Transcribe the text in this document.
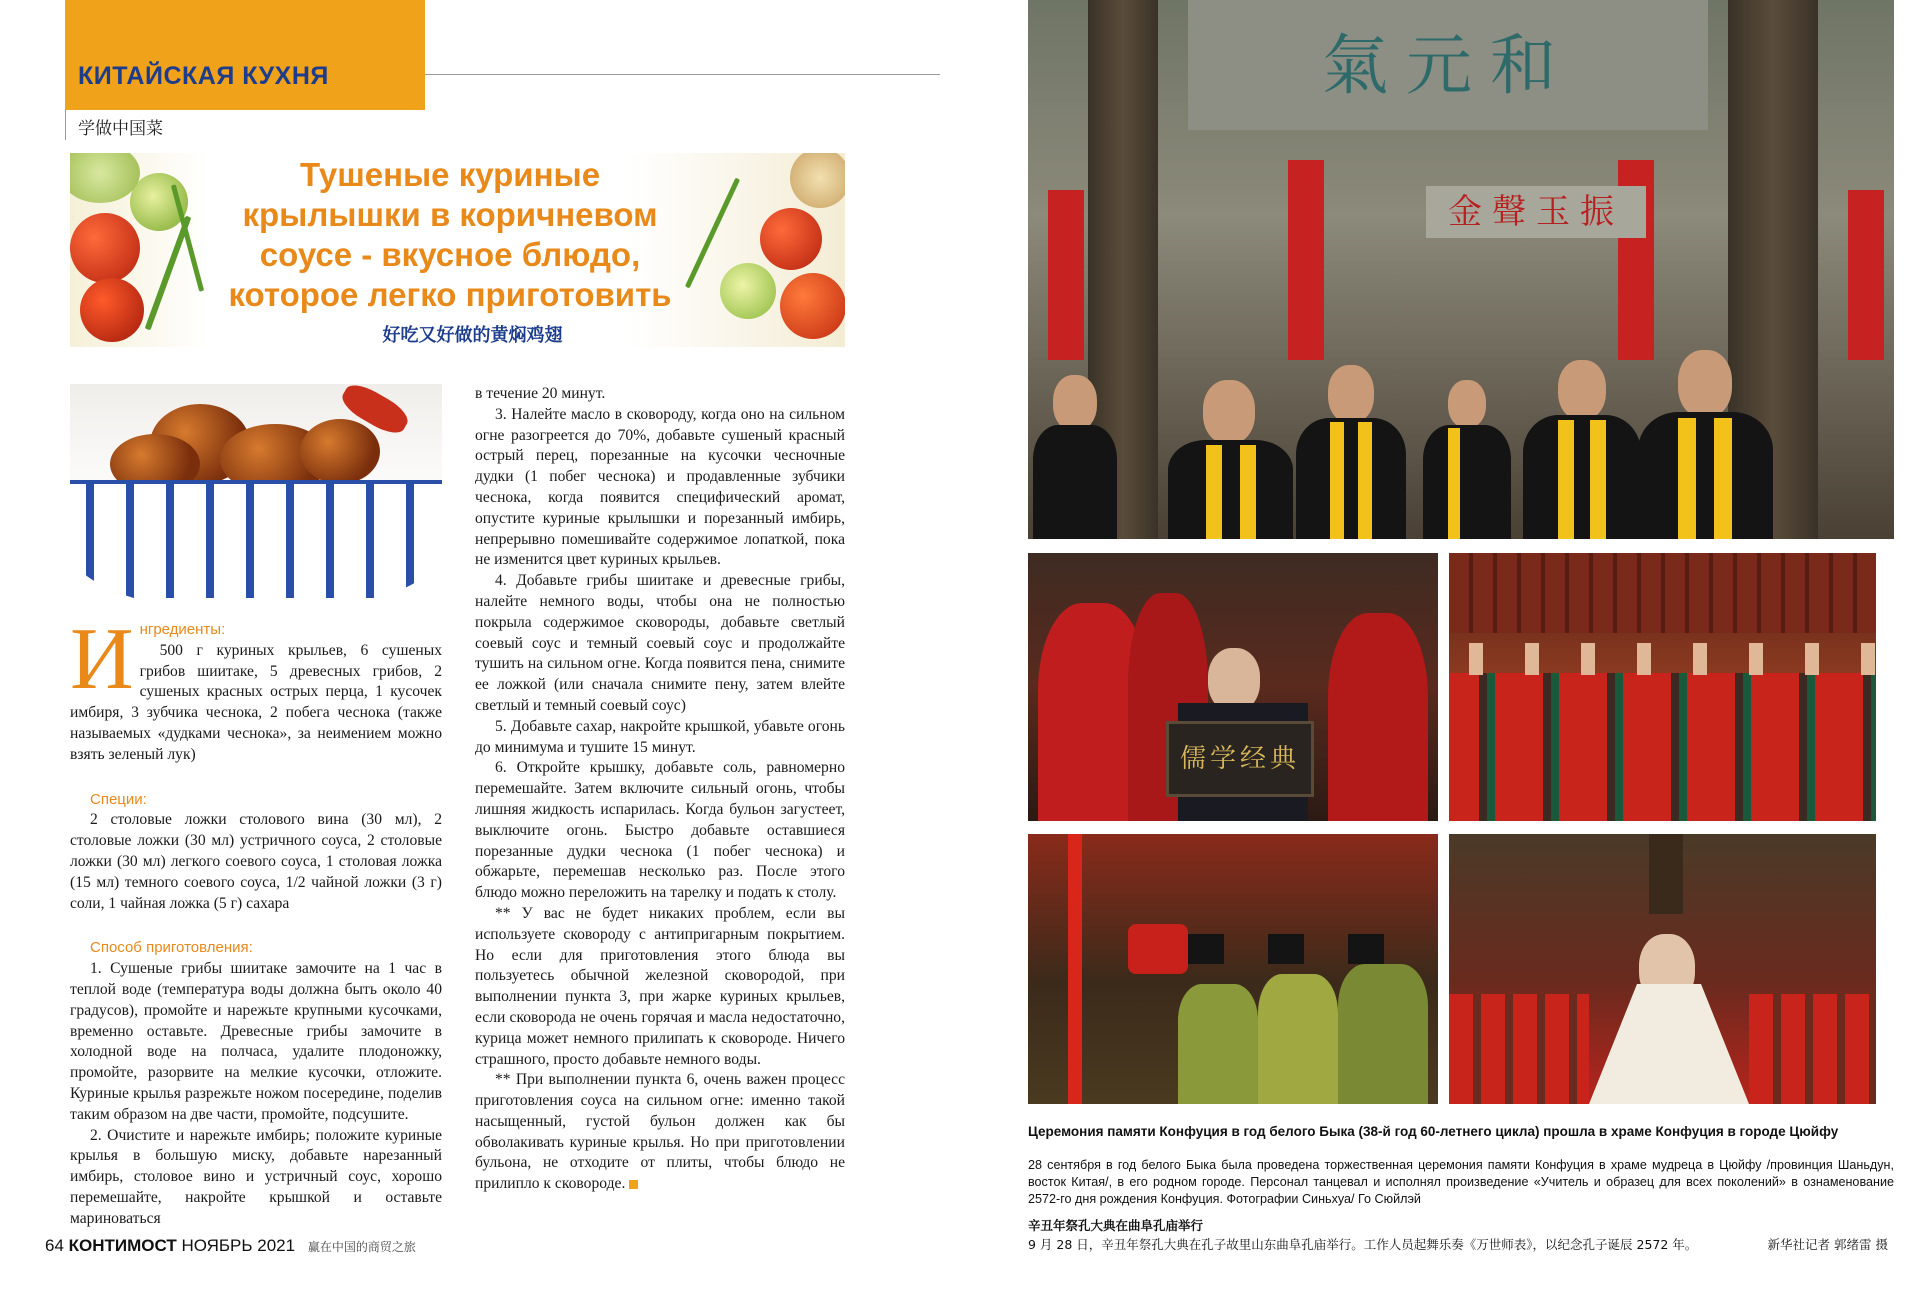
КИТАЙСКАЯ КУХНЯ
学做中国菜
Тушеные куриные
крылышки в коричневом
соусе - вкусное блюдо,
которое легко приготовить
好吃又好做的黄焖鸡翅
И нгредиенты:

500 г куриных крыльев, 6 сушеных грибов шиитаке, 5 древесных грибов, 2 сушеных красных острых перца, 1 кусочек имбиря, 3 зубчика чеснока, 2 побега чеснока (также называемых «дудками чеснока», за неимением можно взять зеленый лук)

Специи:

2 столовые ложки столового вина (30 мл), 2 столовые ложки (30 мл) устричного соуса, 2 столовые ложки (30 мл) легкого соевого соуса, 1 столовая ложка (15 мл) темного соевого соуса, 1/2 чайной ложки (3 г) соли, 1 чайная ложка (5 г) сахара

Способ приготовления:

1. Сушеные грибы шиитаке замочите на 1 час в теплой воде (температура воды должна быть около 40 градусов), промойте и нарежьте крупными кусочками, временно оставьте. Древесные грибы замочите в холодной воде на полчаса, удалите плодоножку, промойте, разорвите на мелкие кусочки, отложите. Куриные крылья разрежьте ножом посередине, поделив таким образом на две части, промойте, подсушите.

2. Очистите и нарежьте имбирь; положите куриные крылья в большую миску, добавьте нарезанный имбирь, столовое вино и устричный соус, хорошо перемешайте, накройте крышкой и оставьте мариноваться

в течение 20 минут.

3. Налейте масло в сковороду, когда оно на сильном огне разогреется до 70%, добавьте сушеный красный острый перец, порезанные на кусочки чесночные дудки (1 побег чеснока) и продавленные зубчики чеснока, когда появится специфический аромат, опустите куриные крылышки и порезанный имбирь, непрерывно помешивайте содержимое лопаткой, пока не изменится цвет куриных крыльев.

4. Добавьте грибы шиитаке и древесные грибы, налейте немного воды, чтобы она не полностью покрыла содержимое сковороды, добавьте светлый соевый соус и темный соевый соус и продолжайте тушить на сильном огне. Когда появится пена, снимите ее ложкой (или сначала снимите пену, затем влейте светлый и темный соевый соус)

5. Добавьте сахар, накройте крышкой, убавьте огонь до минимума и тушите 15 минут.

6. Откройте крышку, добавьте соль, равномерно перемешайте. Затем включите сильный огонь, чтобы лишняя жидкость испарилась. Когда бульон загустеет, выключите огонь. Быстро добавьте оставшиеся порезанные дудки чеснока (1 побег чеснока) и обжарьте, перемешав несколько раз. После этого блюдо можно переложить на тарелку и подать к столу.

** У вас не будет никаких проблем, если вы используете сковороду с антипригарным покрытием. Но если для приготовления этого блюда вы пользуетесь обычной железной сковородой, при выполнении пункта 3, при жарке куриных крыльев, если сковорода не очень горячая и масла недостаточно, курица может немного прилипать к сковороде. Ничего страшного, просто добавьте немного воды.

** При выполнении пункта 6, очень важен процесс приготовления соуса на сильном огне: именно такой насыщенный, густой бульон должен как бы обволакивать куриные крылья. Но при приготовлении бульона, не отходите от плиты, чтобы блюдо не прилипло к сковороде.

64 КОНТИМОСТ НОЯБРЬ 2021 赢在中国的商贸之旅
氣元和
金聲玉振
儒学经典
Церемония памяти Конфуция в год белого Быка (38-й год 60-летнего цикла) прошла в храме Конфуция в городе Цюйфу
28 сентября в год белого Быка была проведена торжественная церемония памяти Конфуция в храме мудреца в Цюйфу /провинция Шаньдун, восток Китая/, в его родном городе. Персонал танцевал и исполнял произведение «Учитель и образец для всех поколений» в ознаменование 2572-го дня рождения Конфуция. Фотографии Синьхуа/ Го Сюйлэй
辛丑年祭孔大典在曲阜孔庙举行
9 月 28 日，辛丑年祭孔大典在孔子故里山东曲阜孔庙举行。工作人员起舞乐奏《万世师表》，以纪念孔子诞辰 2572 年。	新华社记者 郭绪雷 摄
